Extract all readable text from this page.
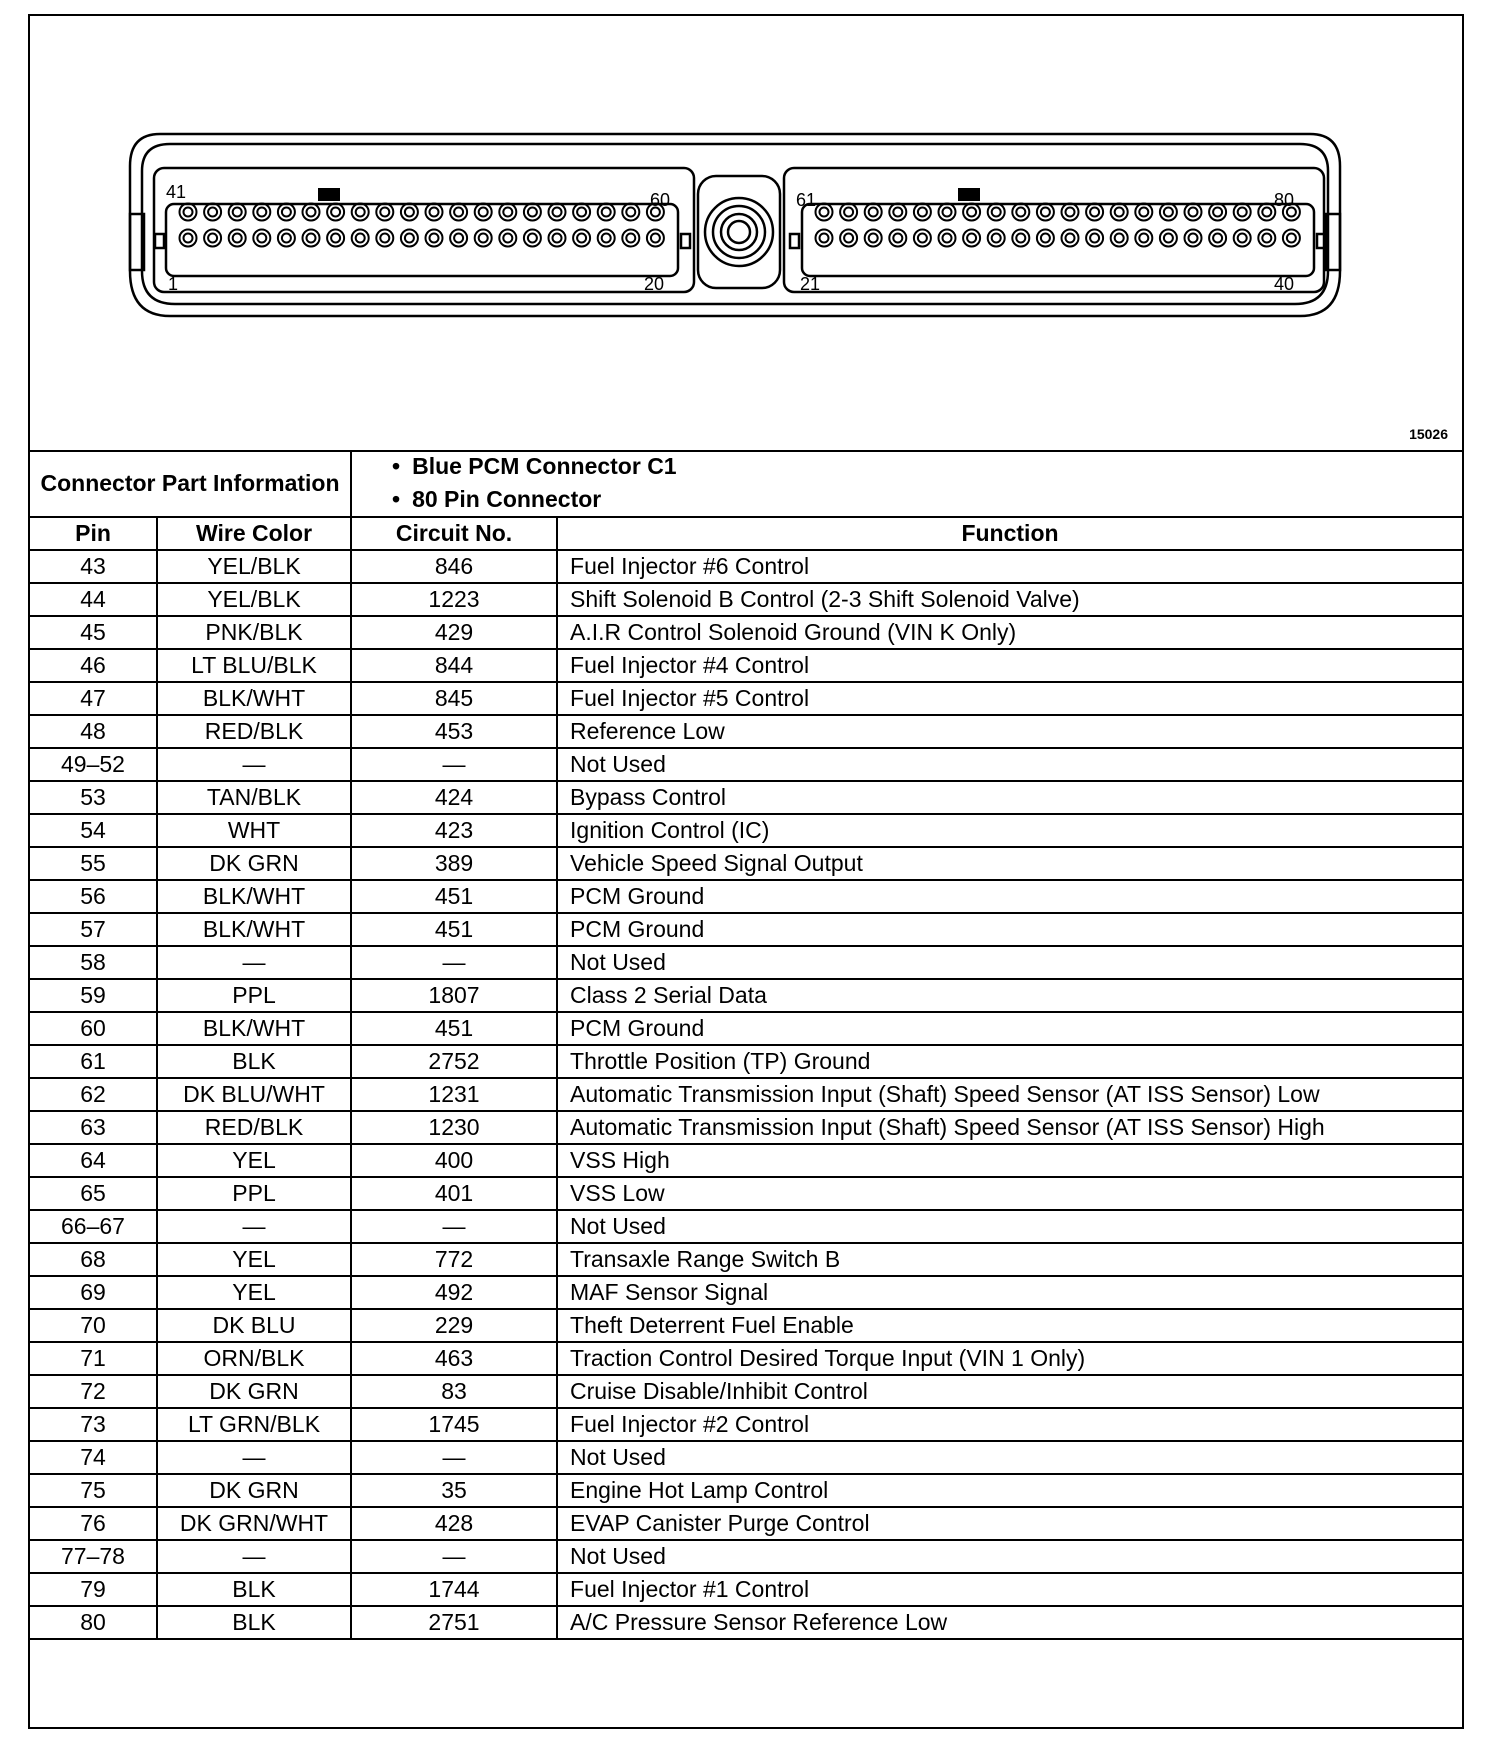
41	60
1	20
61	80
21	40
15026
Connector Part Information		• Blue PCM Connector C1
• 80 Pin Connector

Pin	Wire Color	Circuit No.	Function
43	YEL/BLK	846	Fuel Injector #6 Control
44	YEL/BLK	1223	Shift Solenoid B Control (2-3 Shift Solenoid Valve)
45	PNK/BLK	429	A.I.R Control Solenoid Ground (VIN K Only)
46	LT BLU/BLK	844	Fuel Injector #4 Control
47	BLK/WHT	845	Fuel Injector #5 Control
48	RED/BLK	453	Reference Low
49–52	—	—	Not Used
53	TAN/BLK	424	Bypass Control
54	WHT	423	Ignition Control (IC)
55	DK GRN	389	Vehicle Speed Signal Output
56	BLK/WHT	451	PCM Ground
57	BLK/WHT	451	PCM Ground
58	—	—	Not Used
59	PPL	1807	Class 2 Serial Data
60	BLK/WHT	451	PCM Ground
61	BLK	2752	Throttle Position (TP) Ground
62	DK BLU/WHT	1231	Automatic Transmission Input (Shaft) Speed Sensor (AT ISS Sensor) Low
63	RED/BLK	1230	Automatic Transmission Input (Shaft) Speed Sensor (AT ISS Sensor) High
64	YEL	400	VSS High
65	PPL	401	VSS Low
66–67	—	—	Not Used
68	YEL	772	Transaxle Range Switch B
69	YEL	492	MAF Sensor Signal
70	DK BLU	229	Theft Deterrent Fuel Enable
71	ORN/BLK	463	Traction Control Desired Torque Input (VIN 1 Only)
72	DK GRN	83	Cruise Disable/Inhibit Control
73	LT GRN/BLK	1745	Fuel Injector #2 Control
74	—	—	Not Used
75	DK GRN	35	Engine Hot Lamp Control
76	DK GRN/WHT	428	EVAP Canister Purge Control
77–78	—	—	Not Used
79	BLK	1744	Fuel Injector #1 Control
80	BLK	2751	A/C Pressure Sensor Reference Low
